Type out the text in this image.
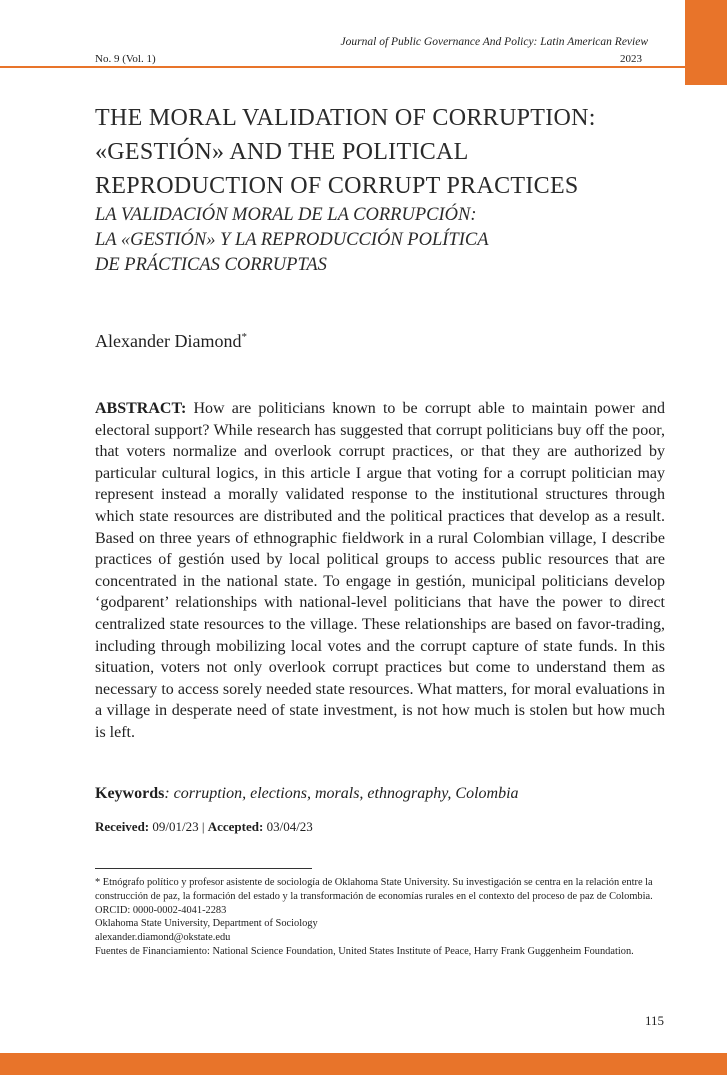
Journal of Public Governance And Policy: Latin American Review
No. 9 (Vol. 1)	2023
THE MORAL VALIDATION OF CORRUPTION: «GESTIÓN» AND THE POLITICAL REPRODUCTION OF CORRUPT PRACTICES
LA VALIDACIÓN MORAL DE LA CORRUPCIÓN:
LA «GESTIÓN» Y LA REPRODUCCIÓN POLÍTICA
DE PRÁCTICAS CORRUPTAS
Alexander Diamond*
ABSTRACT: How are politicians known to be corrupt able to maintain power and electoral support? While research has suggested that corrupt politicians buy off the poor, that voters normalize and overlook corrupt practices, or that they are authorized by particular cultural logics, in this article I argue that voting for a corrupt politician may represent instead a morally validated response to the institutional structures through which state resources are distributed and the political practices that develop as a result. Based on three years of ethnographic fieldwork in a rural Colombian village, I describe practices of gestión used by local political groups to access public resources that are concentrated in the national state. To engage in gestión, municipal politicians develop ‘godparent’ relationships with national-level politicians that have the power to direct centralized state resources to the village. These relationships are based on favor-trading, including through mobilizing local votes and the corrupt capture of state funds. In this situation, voters not only overlook corrupt practices but come to understand them as necessary to access sorely needed state resources. What matters, for moral evaluations in a village in desperate need of state investment, is not how much is stolen but how much is left.
Keywords: corruption, elections, morals, ethnography, Colombia
Received: 09/01/23 | Accepted: 03/04/23
* Etnógrafo político y profesor asistente de sociología de Oklahoma State University. Su investigación se centra en la relación entre la construcción de paz, la formación del estado y la transformación de economías rurales en el contexto del proceso de paz de Colombia.
ORCID: 0000-0002-4041-2283
Oklahoma State University, Department of Sociology
alexander.diamond@okstate.edu
Fuentes de Financiamiento: National Science Foundation, United States Institute of Peace, Harry Frank Guggenheim Foundation.
115
